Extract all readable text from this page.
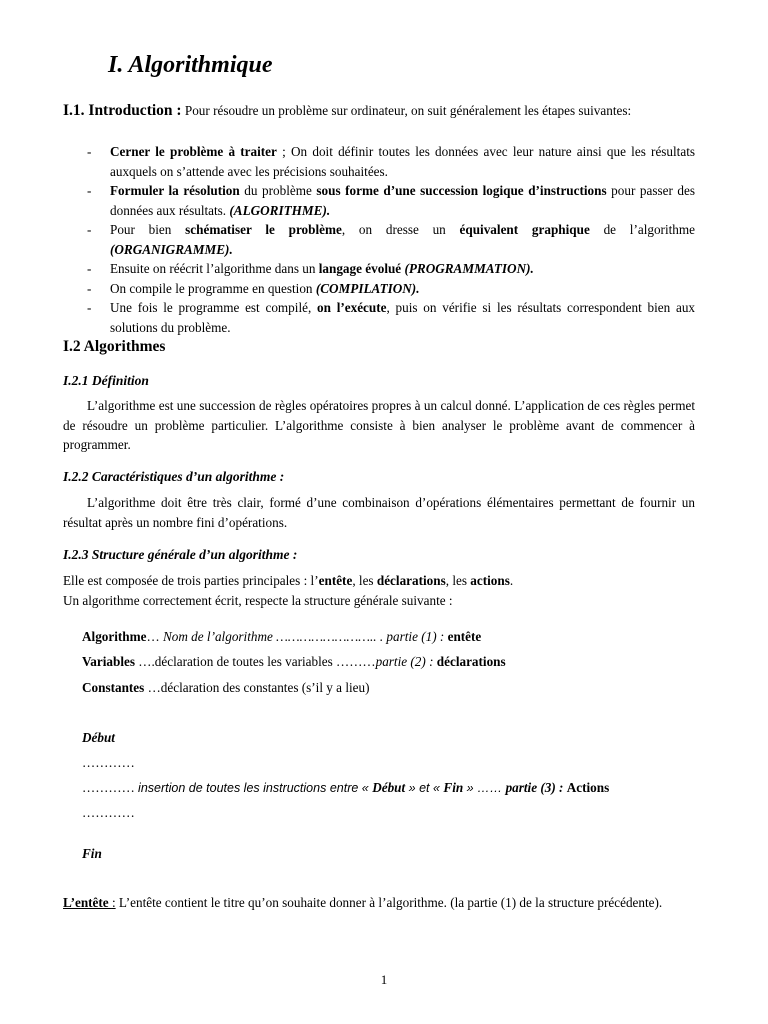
I. Algorithmique
I.1. Introduction : Pour résoudre un problème sur ordinateur, on suit généralement les étapes suivantes:
- Cerner le problème à traiter ; On doit définir toutes les données avec leur nature ainsi que les résultats auxquels on s’attende avec les précisions souhaitées.
- Formuler la résolution du problème sous forme d’une succession logique d’instructions pour passer des données aux résultats. (ALGORITHME).
- Pour bien schématiser le problème, on dresse un équivalent graphique de l’algorithme (ORGANIGRAMME).
- Ensuite on réécrit l’algorithme dans un langage évolué (PROGRAMMATION).
- On compile le programme en question (COMPILATION).
- Une fois le programme est compilé, on l’exécute, puis on vérifie si les résultats correspondent bien aux solutions du problème.
I.2 Algorithmes
I.2.1 Définition
L’algorithme est une succession de règles opératoires propres à un calcul donné. L’application de ces règles permet de résoudre un problème particulier. L’algorithme consiste à bien analyser le problème avant de commencer à programmer.
I.2.2 Caractéristiques d’un algorithme :
L’algorithme doit être très clair, formé d’une combinaison d’opérations élémentaires permettant de fournir un résultat après un nombre fini d’opérations.
I.2.3 Structure générale d’un algorithme :
Elle est composée de trois parties principales : l’entête, les déclarations, les actions.
Un algorithme correctement écrit, respecte la structure générale suivante :
Algorithme… Nom de l’algorithme …………………….. . partie (1) : entête
Variables ….déclaration de toutes les variables ………partie (2) : déclarations
Constantes …déclaration des constantes (s’il y a lieu)
Début
…………
………… insertion de toutes les instructions entre « Début » et « Fin » …… partie (3) : Actions
…………
Fin
L’entête : L’entête contient le titre qu’on souhaite donner à l’algorithme. (la partie (1) de la structure précédente).
1
